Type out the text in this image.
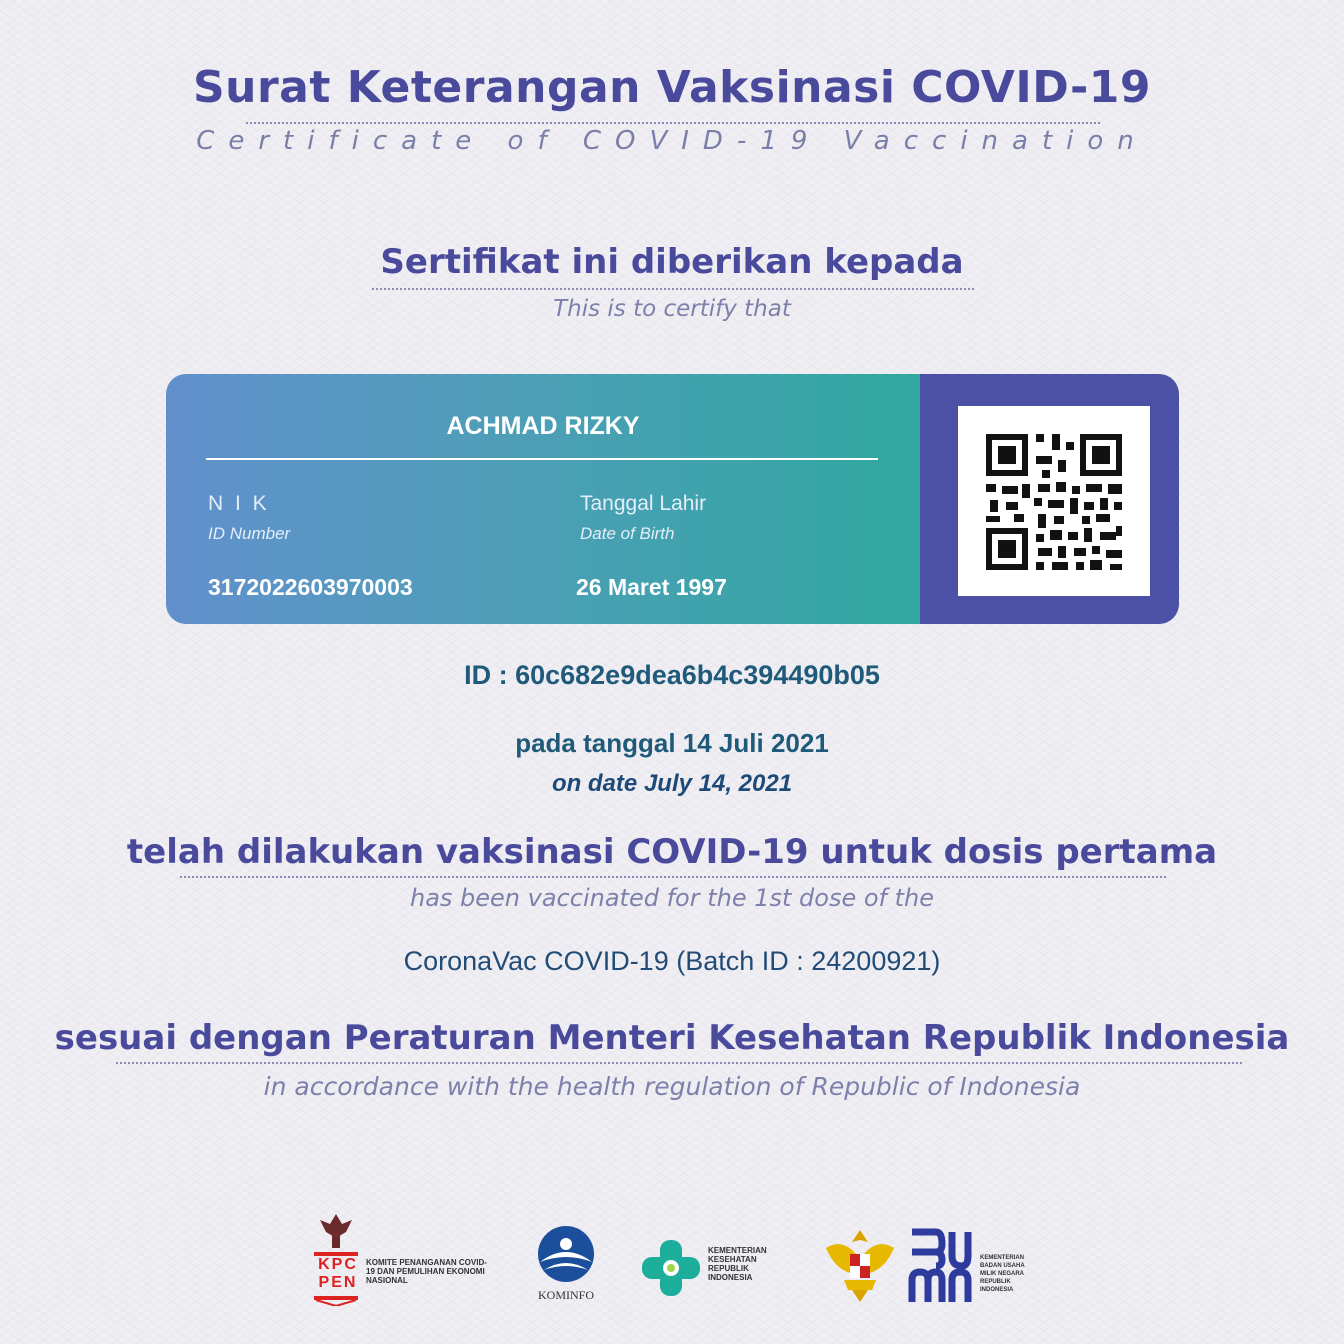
Surat Keterangan Vaksinasi COVID-19
Certificate of COVID-19 Vaccination
Sertifikat ini diberikan kepada
This is to certify that
ACHMAD RIZKY
N I K
ID Number
3172022603970003
Tanggal Lahir
Date of Birth
26 Maret 1997
ID : 60c682e9dea6b4c394490b05
pada tanggal 14 Juli 2021
on date July 14, 2021
telah dilakukan vaksinasi COVID-19 untuk dosis pertama
has been vaccinated for the 1st dose of the
CoronaVac COVID-19 (Batch ID : 24200921)
sesuai dengan Peraturan Menteri Kesehatan Republik Indonesia
in accordance with the health regulation of Republic of Indonesia
KPC
PEN
KOMITE PENANGANAN COVID-19 DAN PEMULIHAN EKONOMI NASIONAL
KOMINFO
KEMENTERIAN KESEHATAN REPUBLIK INDONESIA
KEMENTERIAN BADAN USAHA MILIK NEGARA REPUBLIK INDONESIA
